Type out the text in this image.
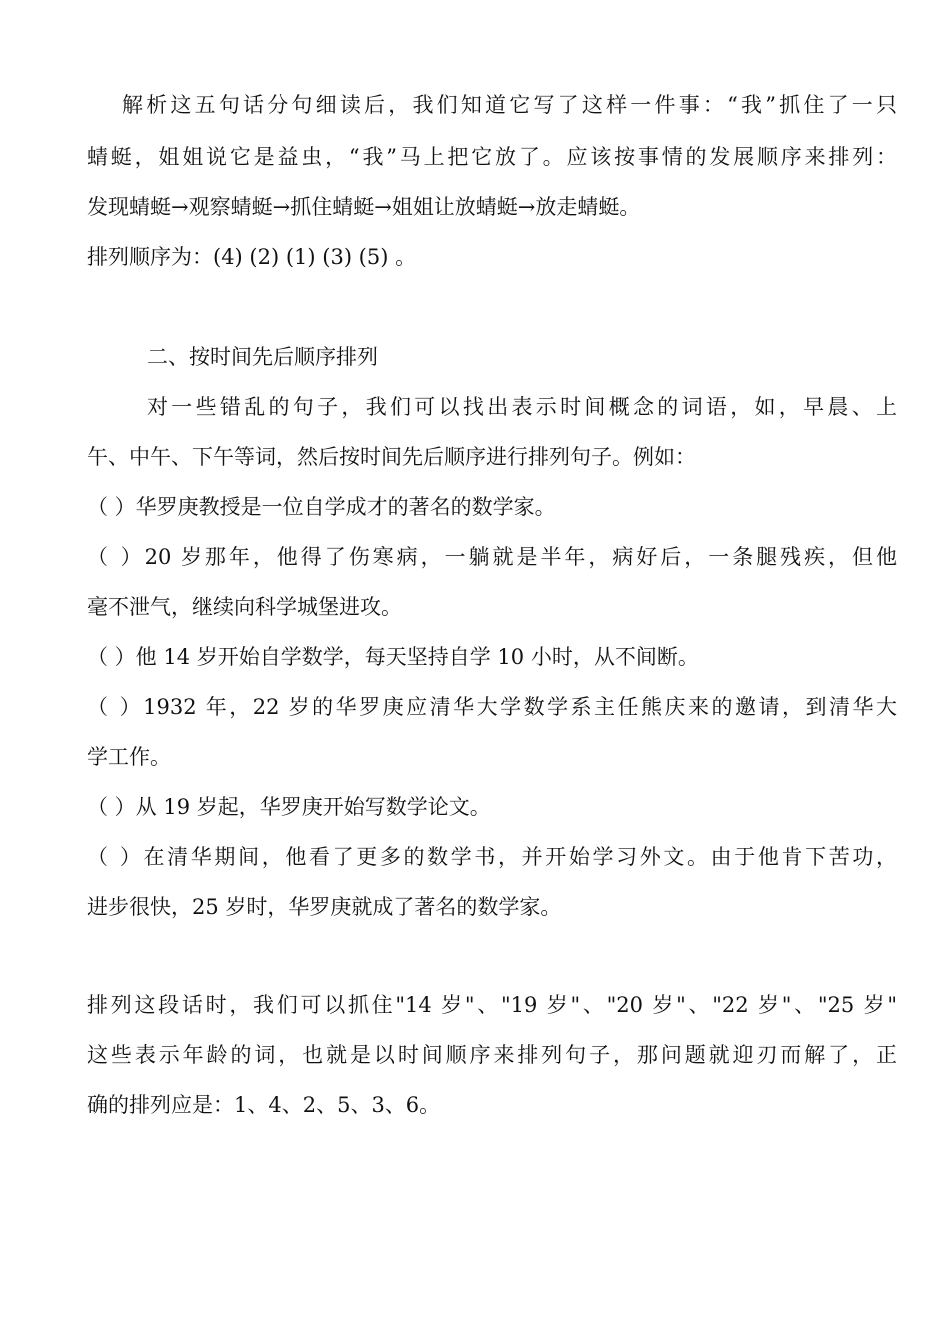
解析这五句话分句细读后，我们知道它写了这样一件事：“我”抓住了一只
蜻蜓，姐姐说它是益虫，“我”马上把它放了。应该按事情的发展顺序来排列：
发现蜻蜓→观察蜻蜓→抓住蜻蜓→姐姐让放蜻蜓→放走蜻蜓。
排列顺序为：(4) (2) (1) (3) (5) 。
二、按时间先后顺序排列
对一些错乱的句子，我们可以找出表示时间概念的词语，如，早晨、上
午、中午、下午等词，然后按时间先后顺序进行排列句子。例如：
（ ）华罗庚教授是一位自学成才的著名的数学家。
（ ）20 岁那年，他得了伤寒病，一躺就是半年，病好后，一条腿残疾，但他
毫不泄气，继续向科学城堡进攻。
（ ）他 14 岁开始自学数学，每天坚持自学 10 小时，从不间断。
（ ）1932 年，22 岁的华罗庚应清华大学数学系主任熊庆来的邀请，到清华大
学工作。
（ ）从 19 岁起，华罗庚开始写数学论文。
（ ）在清华期间，他看了更多的数学书，并开始学习外文。由于他肯下苦功，
进步很快，25 岁时，华罗庚就成了著名的数学家。
排列这段话时，我们可以抓住"14 岁"、"19 岁"、"20 岁"、"22 岁"、"25 岁"
这些表示年龄的词，也就是以时间顺序来排列句子，那问题就迎刃而解了，正
确的排列应是：1、4、2、5、3、6。
